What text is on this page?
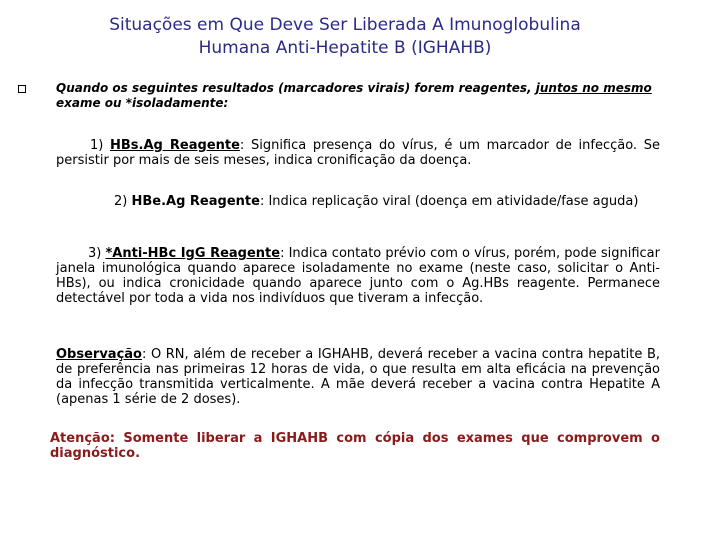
Situações em Que Deve Ser Liberada A Imunoglobulina
Humana Anti-Hepatite B (IGHAHB)

Quando os seguintes resultados (marcadores virais) forem reagentes, juntos no mesmo exame ou *isoladamente:

1) HBs.Ag Reagente: Significa presença do vírus, é um marcador de infecção. Se persistir por mais de seis meses, indica cronificação da doença.

2) HBe.Ag Reagente: Indica replicação viral (doença em atividade/fase aguda)

3) *Anti-HBc IgG Reagente: Indica contato prévio com o vírus, porém, pode significar janela imunológica quando aparece isoladamente no exame (neste caso, solicitar o Anti-HBs), ou indica cronicidade quando aparece junto com o Ag.HBs reagente. Permanece detectável por toda a vida nos indivíduos que tiveram a infecção.

Observação: O RN, além de receber a IGHAHB, deverá receber a vacina contra hepatite B, de preferência nas primeiras 12 horas de vida, o que resulta em alta eficácia na prevenção da infecção transmitida verticalmente. A mãe deverá receber a vacina contra Hepatite A (apenas 1 série de 2 doses).

Atenção: Somente liberar a IGHAHB com cópia dos exames que comprovem o diagnóstico.
